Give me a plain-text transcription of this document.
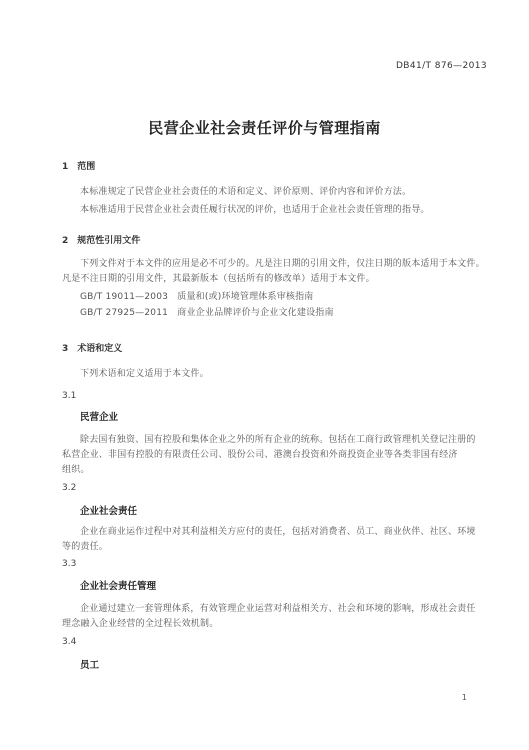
DB41/T 876—2013
民营企业社会责任评价与管理指南
1　范围
本标准规定了民营企业社会责任的术语和定义、评价原则、评价内容和评价方法。
本标准适用于民营企业社会责任履行状况的评价，也适用于企业社会责任管理的指导。
2　规范性引用文件
下列文件对于本文件的应用是必不可少的。凡是注日期的引用文件，仅注日期的版本适用于本文件。
凡是不注日期的引用文件，其最新版本（包括所有的修改单）适用于本文件。
GB/T 19011—2003　质量和(或)环境管理体系审核指南
GB/T 27925—2011　商业企业品牌评价与企业文化建设指南
3　术语和定义
下列术语和定义适用于本文件。
3.1
民营企业
除去国有独资、国有控股和集体企业之外的所有企业的统称。包括在工商行政管理机关登记注册的
私营企业、非国有控股的有限责任公司、股份公司、港澳台投资和外商投资企业等各类非国有经济
组织。
3.2
企业社会责任
企业在商业运作过程中对其利益相关方应付的责任，包括对消费者、员工、商业伙伴、社区、环境
等的责任。
3.3
企业社会责任管理
企业通过建立一套管理体系，有效管理企业运营对利益相关方、社会和环境的影响，形成社会责任
理念融入企业经营的全过程长效机制。
3.4
员工
1
